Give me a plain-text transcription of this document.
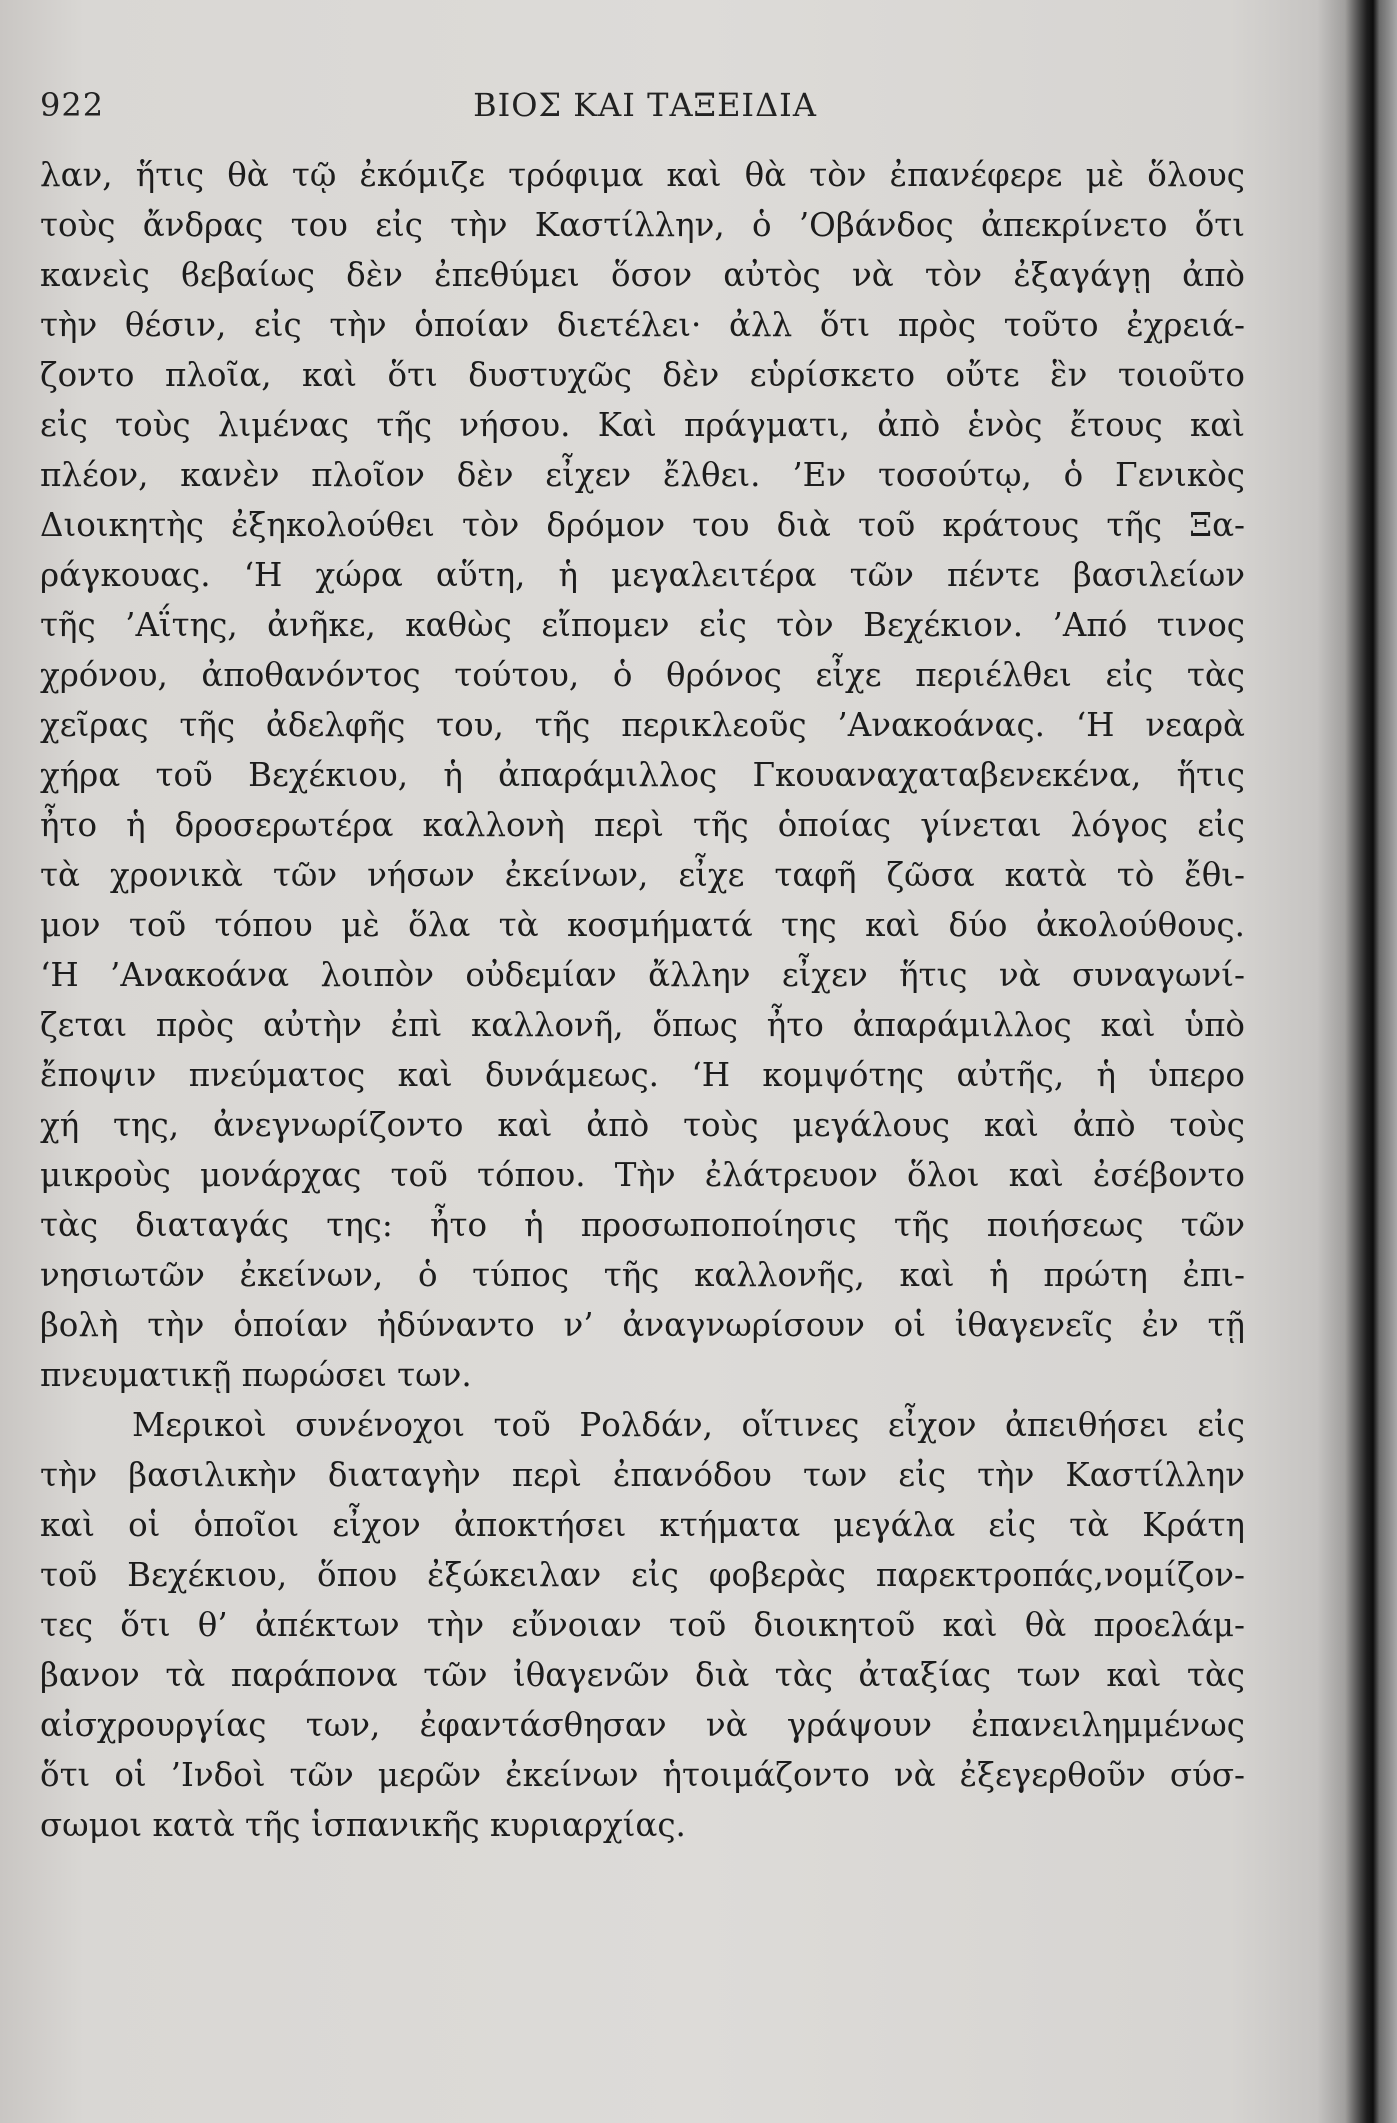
922	ΒΙΟΣ ΚΑΙ ΤΑΞΕΙΔΙΑ
λαν, ἥτις θὰ τῷ ἐκόμιζε τρόφιμα καὶ θὰ τὸν ἐπανέφερε μὲ ὅλους
τοὺς ἄνδρας του εἰς τὴν Καστίλλην, ὁ ’Οβάνδος ἀπεκρίνετο ὅτι
κανεὶς ϐεβαίως δὲν ἐπεθύμει ὅσον αὐτὸς νὰ τὸν ἐξαγάγῃ ἀπὸ
τὴν θέσιν, εἰς τὴν ὁποίαν διετέλει· ἀλλ ὅτι πρὸς τοῦτο ἐχρειά-
ζοντο πλοῖα, καὶ ὅτι δυστυχῶς δὲν εὑρίσκετο οὔτε ἓν τοιοῦτο
εἰς τοὺς λιμένας τῆς νήσου. Καὶ πράγματι, ἀπὸ ἑνὸς ἔτους καὶ
πλέον, κανὲν πλοῖον δὲν εἶχεν ἔλθει. ’Εν τοσούτῳ, ὁ Γενικὸς
Διοικητὴς ἐξηκολούθει τὸν δρόμον του διὰ τοῦ κράτους τῆς Ξα-
ράγκουας. ‘Η χώρα αὕτη, ἡ μεγαλειτέρα τῶν πέντε βασιλείων
τῆς ’Αΐτης, ἀνῆκε, καθὼς εἴπομεν εἰς τὸν Βεχέκιον. ’Από τινος
χρόνου, ἀποθανόντος τούτου, ὁ θρόνος εἶχε περιέλθει εἰς τὰς
χεῖρας τῆς ἀδελφῆς του, τῆς περικλεοῦς ’Ανακοάνας. ‘Η νεαρὰ
χήρα τοῦ Βεχέκιου, ἡ ἀπαράμιλλος Γκουαναχαταβενεκένα, ἥτις
ἦτο ἡ δροσερωτέρα καλλονὴ περὶ τῆς ὁποίας γίνεται λόγος εἰς
τὰ χρονικὰ τῶν νήσων ἐκείνων, εἶχε ταφῆ ζῶσα κατὰ τὸ ἔθι-
μον τοῦ τόπου μὲ ὅλα τὰ κοσμήματά της καὶ δύο ἀκολούθους.
‘Η ’Ανακοάνα λοιπὸν οὐδεμίαν ἄλλην εἶχεν ἥτις νὰ συναγωνί-
ζεται πρὸς αὐτὴν ἐπὶ καλλονῆ, ὅπως ἦτο ἀπαράμιλλος καὶ ὑπὸ
ἔποψιν πνεύματος καὶ δυνάμεως. ‘Η κομψότης αὐτῆς, ἡ ὑπερο
χή της, ἀνεγνωρίζοντο καὶ ἀπὸ τοὺς μεγάλους καὶ ἀπὸ τοὺς
μικροὺς μονάρχας τοῦ τόπου. Τὴν ἐλάτρευον ὅλοι καὶ ἐσέβοντο
τὰς διαταγάς της: ἦτο ἡ προσωποποίησις τῆς ποιήσεως τῶν
νησιωτῶν ἐκείνων, ὁ τύπος τῆς καλλονῆς, καὶ ἡ πρώτη ἐπι-
βολὴ τὴν ὁποίαν ἠδύναντο ν’ ἀναγνωρίσουν οἱ ἰθαγενεῖς ἐν τῇ
πνευματικῇ πωρώσει των.
Μερικοὶ συνένοχοι τοῦ Ρολδάν, οἵτινες εἶχον ἀπειθήσει εἰς
τὴν βασιλικὴν διαταγὴν περὶ ἐπανόδου των εἰς τὴν Καστίλλην
καὶ οἱ ὁποῖοι εἶχον ἀποκτήσει κτήματα μεγάλα εἰς τὰ Κράτη
τοῦ Βεχέκιου, ὅπου ἐξώκειλαν εἰς φοβερὰς παρεκτροπάς,νομίζον-
τες ὅτι θ’ ἀπέκτων τὴν εὔνοιαν τοῦ διοικητοῦ καὶ θὰ προελάμ-
βανον τὰ παράπονα τῶν ἰθαγενῶν διὰ τὰς ἀταξίας των καὶ τὰς
αἰσχρουργίας των, ἐφαντάσθησαν νὰ γράψουν ἐπανειλημμένως
ὅτι οἱ ’Ινδοὶ τῶν μερῶν ἐκείνων ἡτοιμάζοντο νὰ ἐξεγερθοῦν σύσ-
σωμοι κατὰ τῆς ἱσπανικῆς κυριαρχίας.
